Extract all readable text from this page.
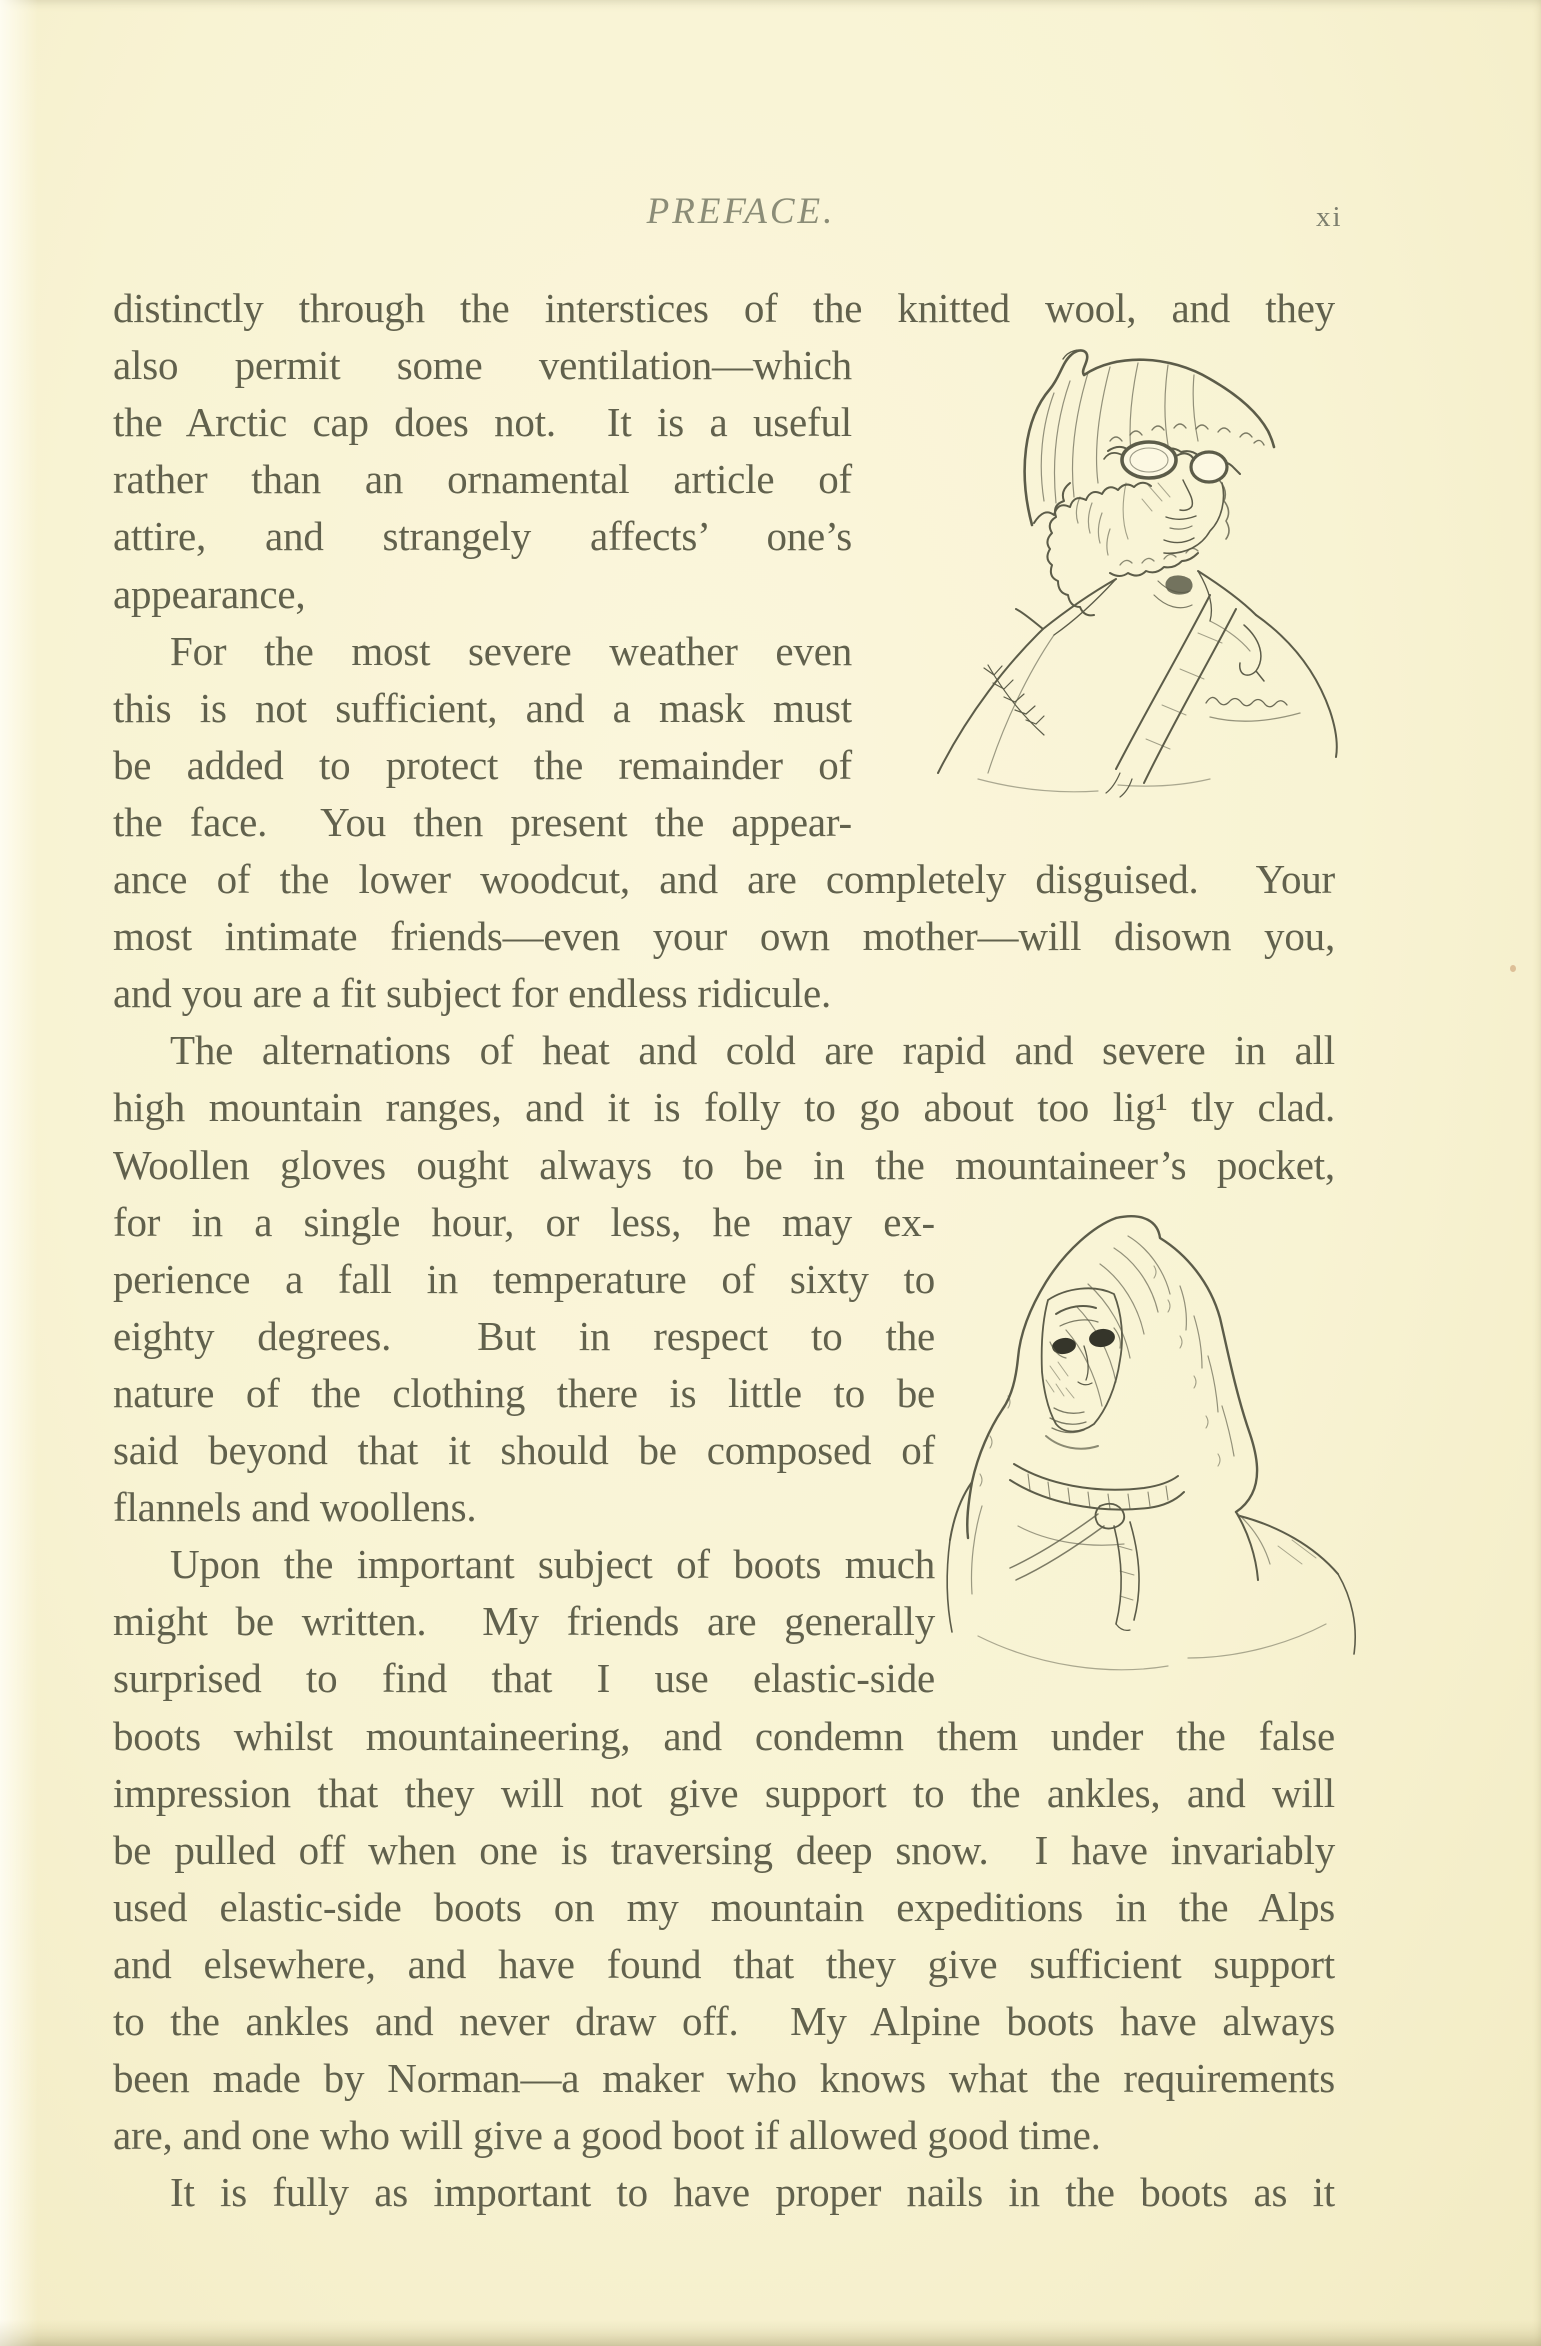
PREFACE.	xi
distinctly through the interstices of the knitted wool, and they
also permit some ventilation—which
the Arctic cap does not.  It is a useful
rather than an ornamental article of
attire, and strangely affects’ one’s
appearance,
For the most severe weather even
this is not sufficient, and a mask must
be added to protect the remainder of
the face.  You then present the appear-
ance of the lower woodcut, and are completely disguised.  Your
most intimate friends—even your own mother—will disown you,
and you are a fit subject for endless ridicule.
The alternations of heat and cold are rapid and severe in all
high mountain ranges, and it is folly to go about too lig¹ tly clad.
Woollen gloves ought always to be in the mountaineer’s pocket,
for in a single hour, or less, he may ex-
perience a fall in temperature of sixty to
eighty degrees.  But in respect to the
nature of the clothing there is little to be
said beyond that it should be composed of
flannels and woollens.
Upon the important subject of boots much
might be written.  My friends are generally
surprised to find that I use elastic-side
boots whilst mountaineering, and condemn them under the false
impression that they will not give support to the ankles, and will
be pulled off when one is traversing deep snow.  I have invariably
used elastic-side boots on my mountain expeditions in the Alps
and elsewhere, and have found that they give sufficient support
to the ankles and never draw off.  My Alpine boots have always
been made by Norman—a maker who knows what the requirements
are, and one who will give a good boot if allowed good time.
It is fully as important to have proper nails in the boots as it
